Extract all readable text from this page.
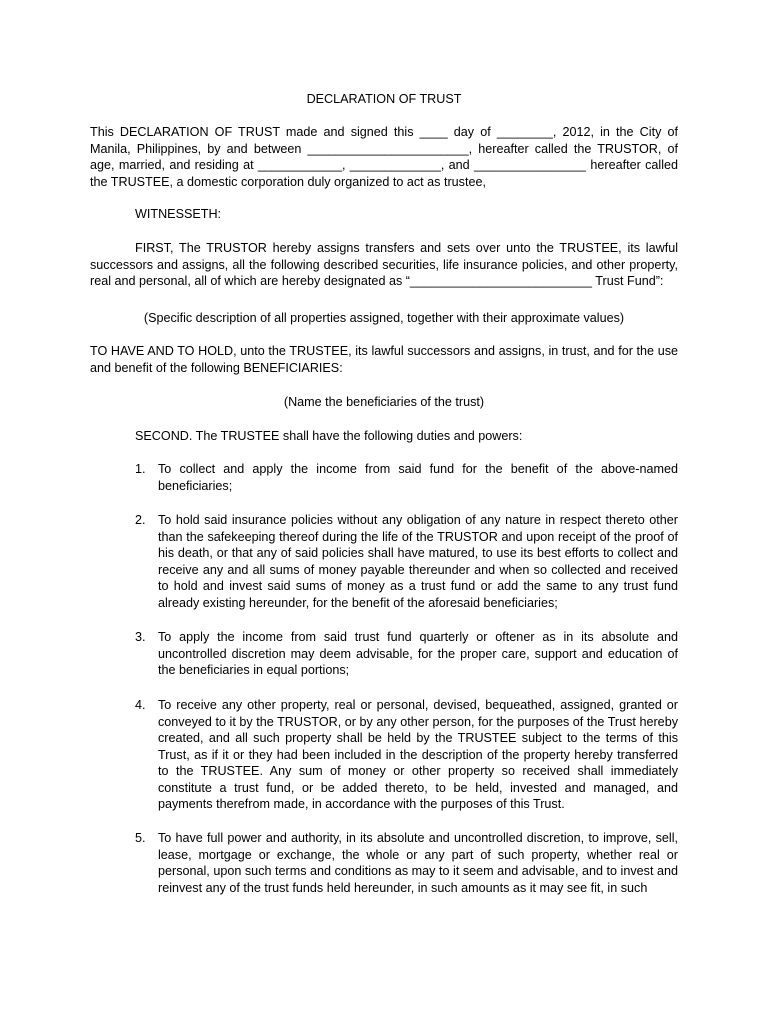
DECLARATION OF TRUST
This DECLARATION OF TRUST made and signed this ____ day of ________, 2012, in the City of Manila, Philippines, by and between _______________________, hereafter called the TRUSTOR, of age, married, and residing at ____________, _____________, and ________________ hereafter called the TRUSTEE, a domestic corporation duly organized to act as trustee,
WITNESSETH:
FIRST, The TRUSTOR hereby assigns transfers and sets over unto the TRUSTEE, its lawful successors and assigns, all the following described securities, life insurance policies, and other property, real and personal, all of which are hereby designated as “__________________________ Trust Fund”:
(Specific description of all properties assigned, together with their approximate values)
TO HAVE AND TO HOLD, unto the TRUSTEE, its lawful successors and assigns, in trust, and for the use and benefit of the following BENEFICIARIES:
(Name the beneficiaries of the trust)
SECOND. The TRUSTEE shall have the following duties and powers:
1. To collect and apply the income from said fund for the benefit of the above-named beneficiaries;
2. To hold said insurance policies without any obligation of any nature in respect thereto other than the safekeeping thereof during the life of the TRUSTOR and upon receipt of the proof of his death, or that any of said policies shall have matured, to use its best efforts to collect and receive any and all sums of money payable thereunder and when so collected and received to hold and invest said sums of money as a trust fund or add the same to any trust fund already existing hereunder, for the benefit of the aforesaid beneficiaries;
3. To apply the income from said trust fund quarterly or oftener as in its absolute and uncontrolled discretion may deem advisable, for the proper care, support and education of the beneficiaries in equal portions;
4. To receive any other property, real or personal, devised, bequeathed, assigned, granted or conveyed to it by the TRUSTOR, or by any other person, for the purposes of the Trust hereby created, and all such property shall be held by the TRUSTEE subject to the terms of this Trust, as if it or they had been included in the description of the property hereby transferred to the TRUSTEE. Any sum of money or other property so received shall immediately constitute a trust fund, or be added thereto, to be held, invested and managed, and payments therefrom made, in accordance with the purposes of this Trust.
5. To have full power and authority, in its absolute and uncontrolled discretion, to improve, sell, lease, mortgage or exchange, the whole or any part of such property, whether real or personal, upon such terms and conditions as may to it seem and advisable, and to invest and reinvest any of the trust funds held hereunder, in such amounts as it may see fit, in such
